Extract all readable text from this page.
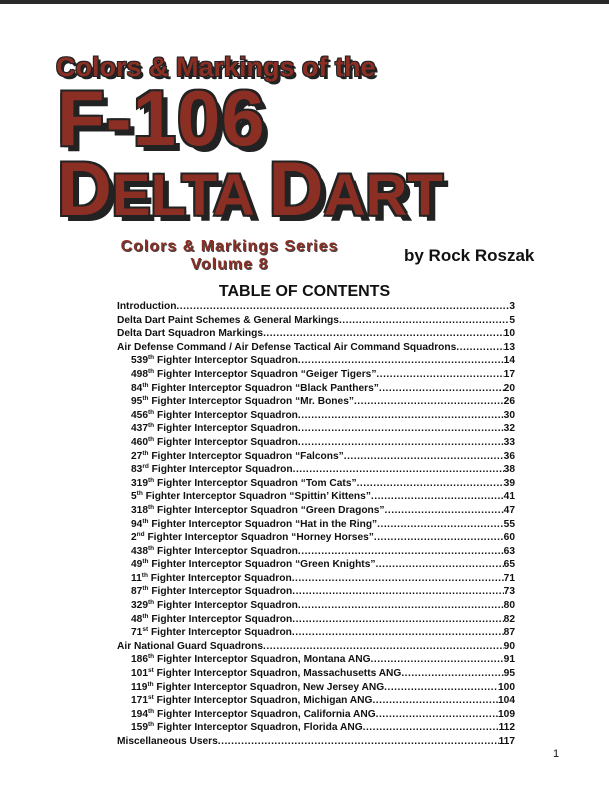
Colors & Markings of the
F-106
DELTA DART
Colors & Markings Series
Volume 8	by Rock Roszak
TABLE OF CONTENTS
Introduction .....	3
Delta Dart Paint Schemes & General Markings .....	5
Delta Dart Squadron Markings .....	10
Air Defense Command / Air Defense Tactical Air Command Squadrons .....	13
539th Fighter Interceptor Squadron .....	14
498th Fighter Interceptor Squadron “Geiger Tigers” .....	17
84th Fighter Interceptor Squadron “Black Panthers” .....	20
95th Fighter Interceptor Squadron “Mr. Bones” .....	26
456th Fighter Interceptor Squadron .....	30
437th Fighter Interceptor Squadron .....	32
460th Fighter Interceptor Squadron .....	33
27th Fighter Interceptor Squadron “Falcons” .....	36
83rd Fighter Interceptor Squadron .....	38
319th Fighter Interceptor Squadron “Tom Cats” .....	39
5th Fighter Interceptor Squadron “Spittin’ Kittens” .....	41
318th Fighter Interceptor Squadron “Green Dragons” .....	47
94th Fighter Interceptor Squadron “Hat in the Ring” .....	55
2nd Fighter Interceptor Squadron “Horney Horses” .....	60
438th Fighter Interceptor Squadron .....	63
49th Fighter Interceptor Squadron “Green Knights” .....	65
11th Fighter Interceptor Squadron .....	71
87th Fighter Interceptor Squadron .....	73
329th Fighter Interceptor Squadron .....	80
48th Fighter Interceptor Squadron .....	82
71st Fighter Interceptor Squadron .....	87
Air National Guard Squadrons .....	90
186th Fighter Interceptor Squadron, Montana ANG .....	91
101st Fighter Interceptor Squadron, Massachusetts ANG .....	95
119th Fighter Interceptor Squadron, New Jersey ANG .....	100
171st Fighter Interceptor Squadron, Michigan ANG .....	104
194th Fighter Interceptor Squadron, California ANG .....	109
159th Fighter Interceptor Squadron, Florida ANG .....	112
Miscellaneous Users .....	117
1
